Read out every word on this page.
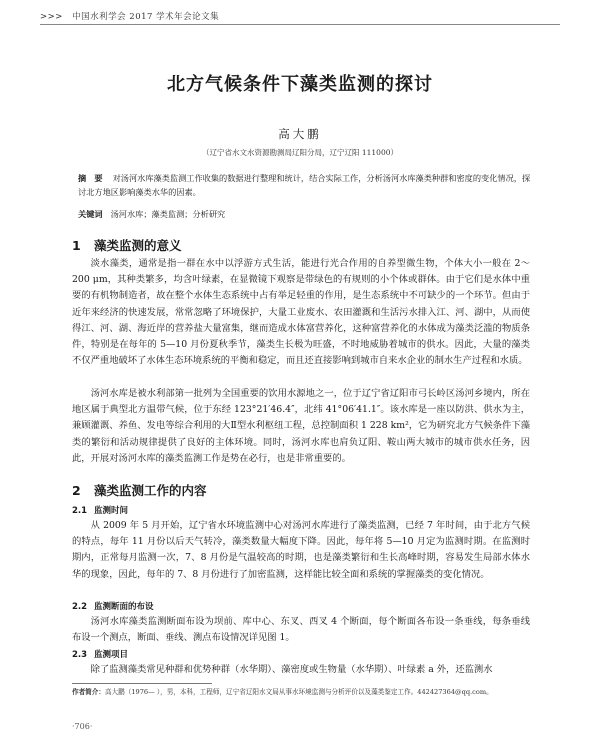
>>> 中国水利学会 2017 学术年会论文集
北方气候条件下藻类监测的探讨
高大鹏
（辽宁省水文水资源勘测局辽阳分局，辽宁辽阳 111000）
摘　要 对汤河水库藻类监测工作收集的数据进行整理和统计，结合实际工作，分析汤河水库藻类种群和密度的变化情况，探讨北方地区影响藻类水华的因素。
关键词 汤河水库；藻类监测；分析研究
1 藻类监测的意义

淡水藻类，通常是指一群在水中以浮游方式生活，能进行光合作用的自养型微生物，个体大小一般在 2～200 μm，其种类繁多，均含叶绿素，在显微镜下观察是带绿色的有规则的小个体或群体。由于它们是水体中重要的有机物制造者，故在整个水体生态系统中占有举足轻重的作用，是生态系统中不可缺少的一个环节。但由于近年来经济的快速发展，常常忽略了环境保护，大量工业废水、农田灌溉和生活污水排入江、河、湖中，从而使得江、河、湖、海近岸的营养盐大量富集，继而造成水体富营养化，这种富营养化的水体成为藻类泛滥的物质条件，特别是在每年的 5—10 月份夏秋季节，藻类生长极为旺盛，不时地威胁着城市的供水。因此，大量的藻类不仅严重地破坏了水体生态环境系统的平衡和稳定，而且还直接影响到城市自来水企业的制水生产过程和水质。

汤河水库是被水利部第一批列为全国重要的饮用水源地之一，位于辽宁省辽阳市弓长岭区汤河乡境内，所在地区属于典型北方温带气候，位于东经 123°21′46.4″，北纬 41°06′41.1″。该水库是一座以防洪、供水为主，兼顾灌溉、养鱼、发电等综合利用的大Ⅱ型水利枢纽工程，总控制面积 1 228 km²，它为研究北方气候条件下藻类的繁衍和活动规律提供了良好的主体环境。同时，汤河水库也肩负辽阳、鞍山两大城市的城市供水任务，因此，开展对汤河水库的藻类监测工作是势在必行，也是非常重要的。

2 藻类监测工作的内容
2.1 监测时间

从 2009 年 5 月开始，辽宁省水环境监测中心对汤河水库进行了藻类监测，已经 7 年时间，由于北方气候的特点，每年 11 月份以后天气转冷，藻类数量大幅度下降。因此，每年将 5—10 月定为监测时期。在监测时期内，正常每月监测一次，7、8 月份是气温较高的时期，也是藻类繁衍和生长高峰时期，容易发生局部水体水华的现象，因此，每年的 7、8 月份进行了加密监测，这样能比较全面和系统的掌握藻类的变化情况。

2.2 监测断面的布设

汤河水库藻类监测断面布设为坝前、库中心、东叉、西叉 4 个断面，每个断面各布设一条垂线，每条垂线布设一个测点，断面、垂线、测点布设情况详见图 1。

2.3 监测项目

除了监测藻类常见种群和优势种群（水华期）、藻密度或生物量（水华期）、叶绿素 a 外，还监测水

作者简介：高大鹏（1976— ），男，本科，工程师，辽宁省辽阳水文局从事水环境监测与分析评价以及藻类鉴定工作。442427364@qq.com。
·706·
